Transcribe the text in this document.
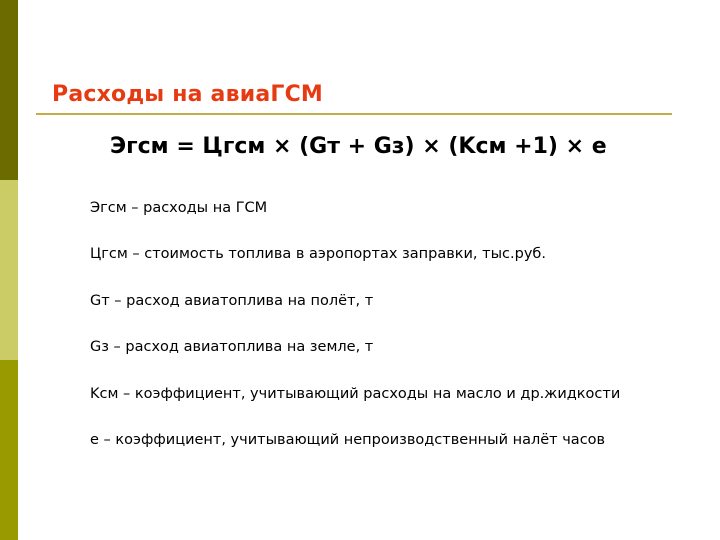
Расходы на авиаГСМ
Эгсм = Цгсм × (Gт + Gз) × (Kсм +1) × е
Эгсм – расходы на ГСМ
Цгсм – стоимость топлива в аэропортах заправки, тыс.руб.
Gт – расход авиатоплива на полёт, т
Gз – расход авиатоплива на земле, т
Kсм – коэффициент, учитывающий расходы на масло и др.жидкости
е – коэффициент, учитывающий непроизводственный налёт часов
